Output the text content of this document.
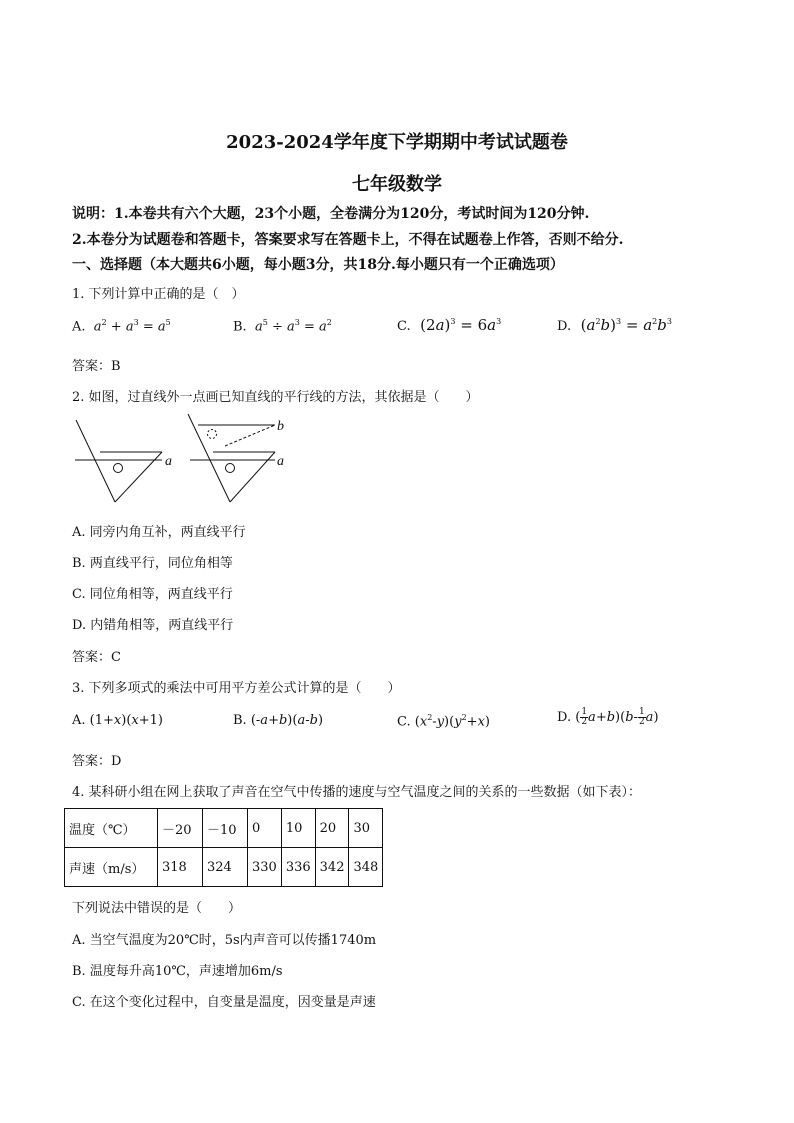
2023-2024学年度下学期期中考试试题卷
七年级数学
说明：1.本卷共有六个大题，23个小题，全卷满分为120分，考试时间为120分钟.
2.本卷分为试题卷和答题卡，答案要求写在答题卡上，不得在试题卷上作答，否则不给分.
一、选择题（本大题共6小题，每小题3分，共18分.每小题只有一个正确选项）
1. 下列计算中正确的是（　）
A. $a^2 + a^3 = a^5$	B. $a^5 \div a^3 = a^2$	C.  $(2a)^3 = 6a^3$	D.  $(a^2b)^3 = a^2b^3$
答案：B
2. 如图，过直线外一点画已知直线的平行线的方法，其依据是（　　）
a	a
b
A. 同旁内角互补，两直线平行
B. 两直线平行，同位角相等
C. 同位角相等，两直线平行
D. 内错角相等，两直线平行
答案：C
3. 下列多项式的乘法中可用平方差公式计算的是（　　）
A. (1+x)(x+1)	B. (-a+b)(a-b)	C. $(x^2-y)(y^2+x)$	D. ( $\frac{1}{2} a+b)(b- \frac{1}{2} a)$
答案：D
4. 某科研小组在网上获取了声音在空气中传播的速度与空气温度之间的关系的一些数据（如下表）：
温度（℃）	－20	－10	0	10	20	30
声速（m/s）	318	324	330	336	342	348
下列说法中错误的是（　　）
A. 当空气温度为20℃时，5s内声音可以传播1740m
B. 温度每升高10℃，声速增加6m/s
C. 在这个变化过程中，自变量是温度，因变量是声速
